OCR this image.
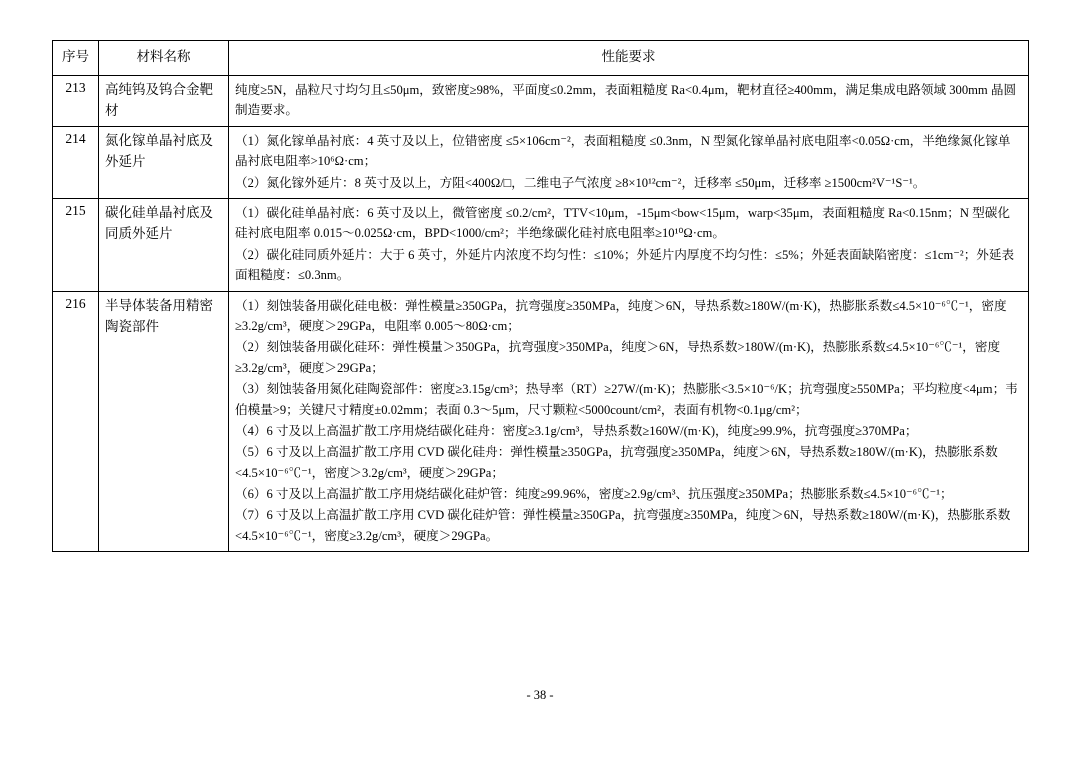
序号	材料名称	性能要求
213	高纯钨及钨合金靶材	纯度≥5N，晶粒尺寸均匀且≤50μm，致密度≥98%，平面度≤0.2mm，表面粗糙度 Ra<0.4μm，靶材直径≥400mm，满足集成电路领域 300mm 晶圆制造要求。

214	氮化镓单晶衬底及外延片	（1）氮化镓单晶衬底：4 英寸及以上，位错密度 ≤5×106cm⁻²，表面粗糙度 ≤0.3nm，N 型氮化镓单晶衬底电阻率<0.05Ω·cm，半绝缘氮化镓单晶衬底电阻率>10⁶Ω·cm；

（2）氮化镓外延片：8 英寸及以上，方阻<400Ω/□，二维电子气浓度 ≥8×10¹²cm⁻²，迁移率 ≤50μm，迁移率 ≥1500cm²V⁻¹S⁻¹。

215	碳化硅单晶衬底及同质外延片	（1）碳化硅单晶衬底：6 英寸及以上，微管密度 ≤0.2/cm²，TTV<10μm，-15μm<bow<15μm，warp<35μm，表面粗糙度 Ra<0.15nm；N 型碳化硅衬底电阻率 0.015～0.025Ω·cm，BPD<1000/cm²；半绝缘碳化硅衬底电阻率≥10¹⁰Ω·cm。

（2）碳化硅同质外延片：大于 6 英寸，外延片内浓度不均匀性：≤10%；外延片内厚度不均匀性：≤5%；外延表面缺陷密度：≤1cm⁻²；外延表面粗糙度：≤0.3nm。

216	半导体装备用精密陶瓷部件	

（1）刻蚀装备用碳化硅电极：弹性模量≥350GPa，抗弯强度≥350MPa，纯度＞6N，导热系数≥180W/(m·K)，热膨胀系数≤4.5×10⁻⁶℃⁻¹，密度≥3.2g/cm³，硬度＞29GPa，电阻率 0.005～80Ω·cm；

（2）刻蚀装备用碳化硅环：弹性模量＞350GPa，抗弯强度>350MPa，纯度＞6N，导热系数>180W/(m·K)，热膨胀系数≤4.5×10⁻⁶℃⁻¹，密度≥3.2g/cm³，硬度＞29GPa；

（3）刻蚀装备用氮化硅陶瓷部件：密度≥3.15g/cm³；热导率（RT）≥27W/(m·K)；热膨胀<3.5×10⁻⁶/K；抗弯强度≥550MPa；平均粒度<4μm；韦伯模量>9；关键尺寸精度±0.02mm；表面 0.3～5μm，尺寸颗粒<5000count/cm²，表面有机物<0.1μg/cm²；

（4）6 寸及以上高温扩散工序用烧结碳化硅舟：密度≥3.1g/cm³，导热系数≥160W/(m·K)，纯度≥99.9%，抗弯强度≥370MPa；

（5）6 寸及以上高温扩散工序用 CVD 碳化硅舟：弹性模量≥350GPa，抗弯强度≥350MPa，纯度＞6N，导热系数≥180W/(m·K)，热膨胀系数<4.5×10⁻⁶℃⁻¹，密度＞3.2g/cm³，硬度＞29GPa；

（6）6 寸及以上高温扩散工序用烧结碳化硅炉管：纯度≥99.96%，密度≥2.9g/cm³、抗压强度≥350MPa；热膨胀系数≤4.5×10⁻⁶℃⁻¹；

（7）6 寸及以上高温扩散工序用 CVD 碳化硅炉管：弹性模量≥350GPa，抗弯强度≥350MPa，纯度＞6N，导热系数≥180W/(m·K)，热膨胀系数<4.5×10⁻⁶℃⁻¹，密度≥3.2g/cm³，硬度＞29GPa。

- 38 -
